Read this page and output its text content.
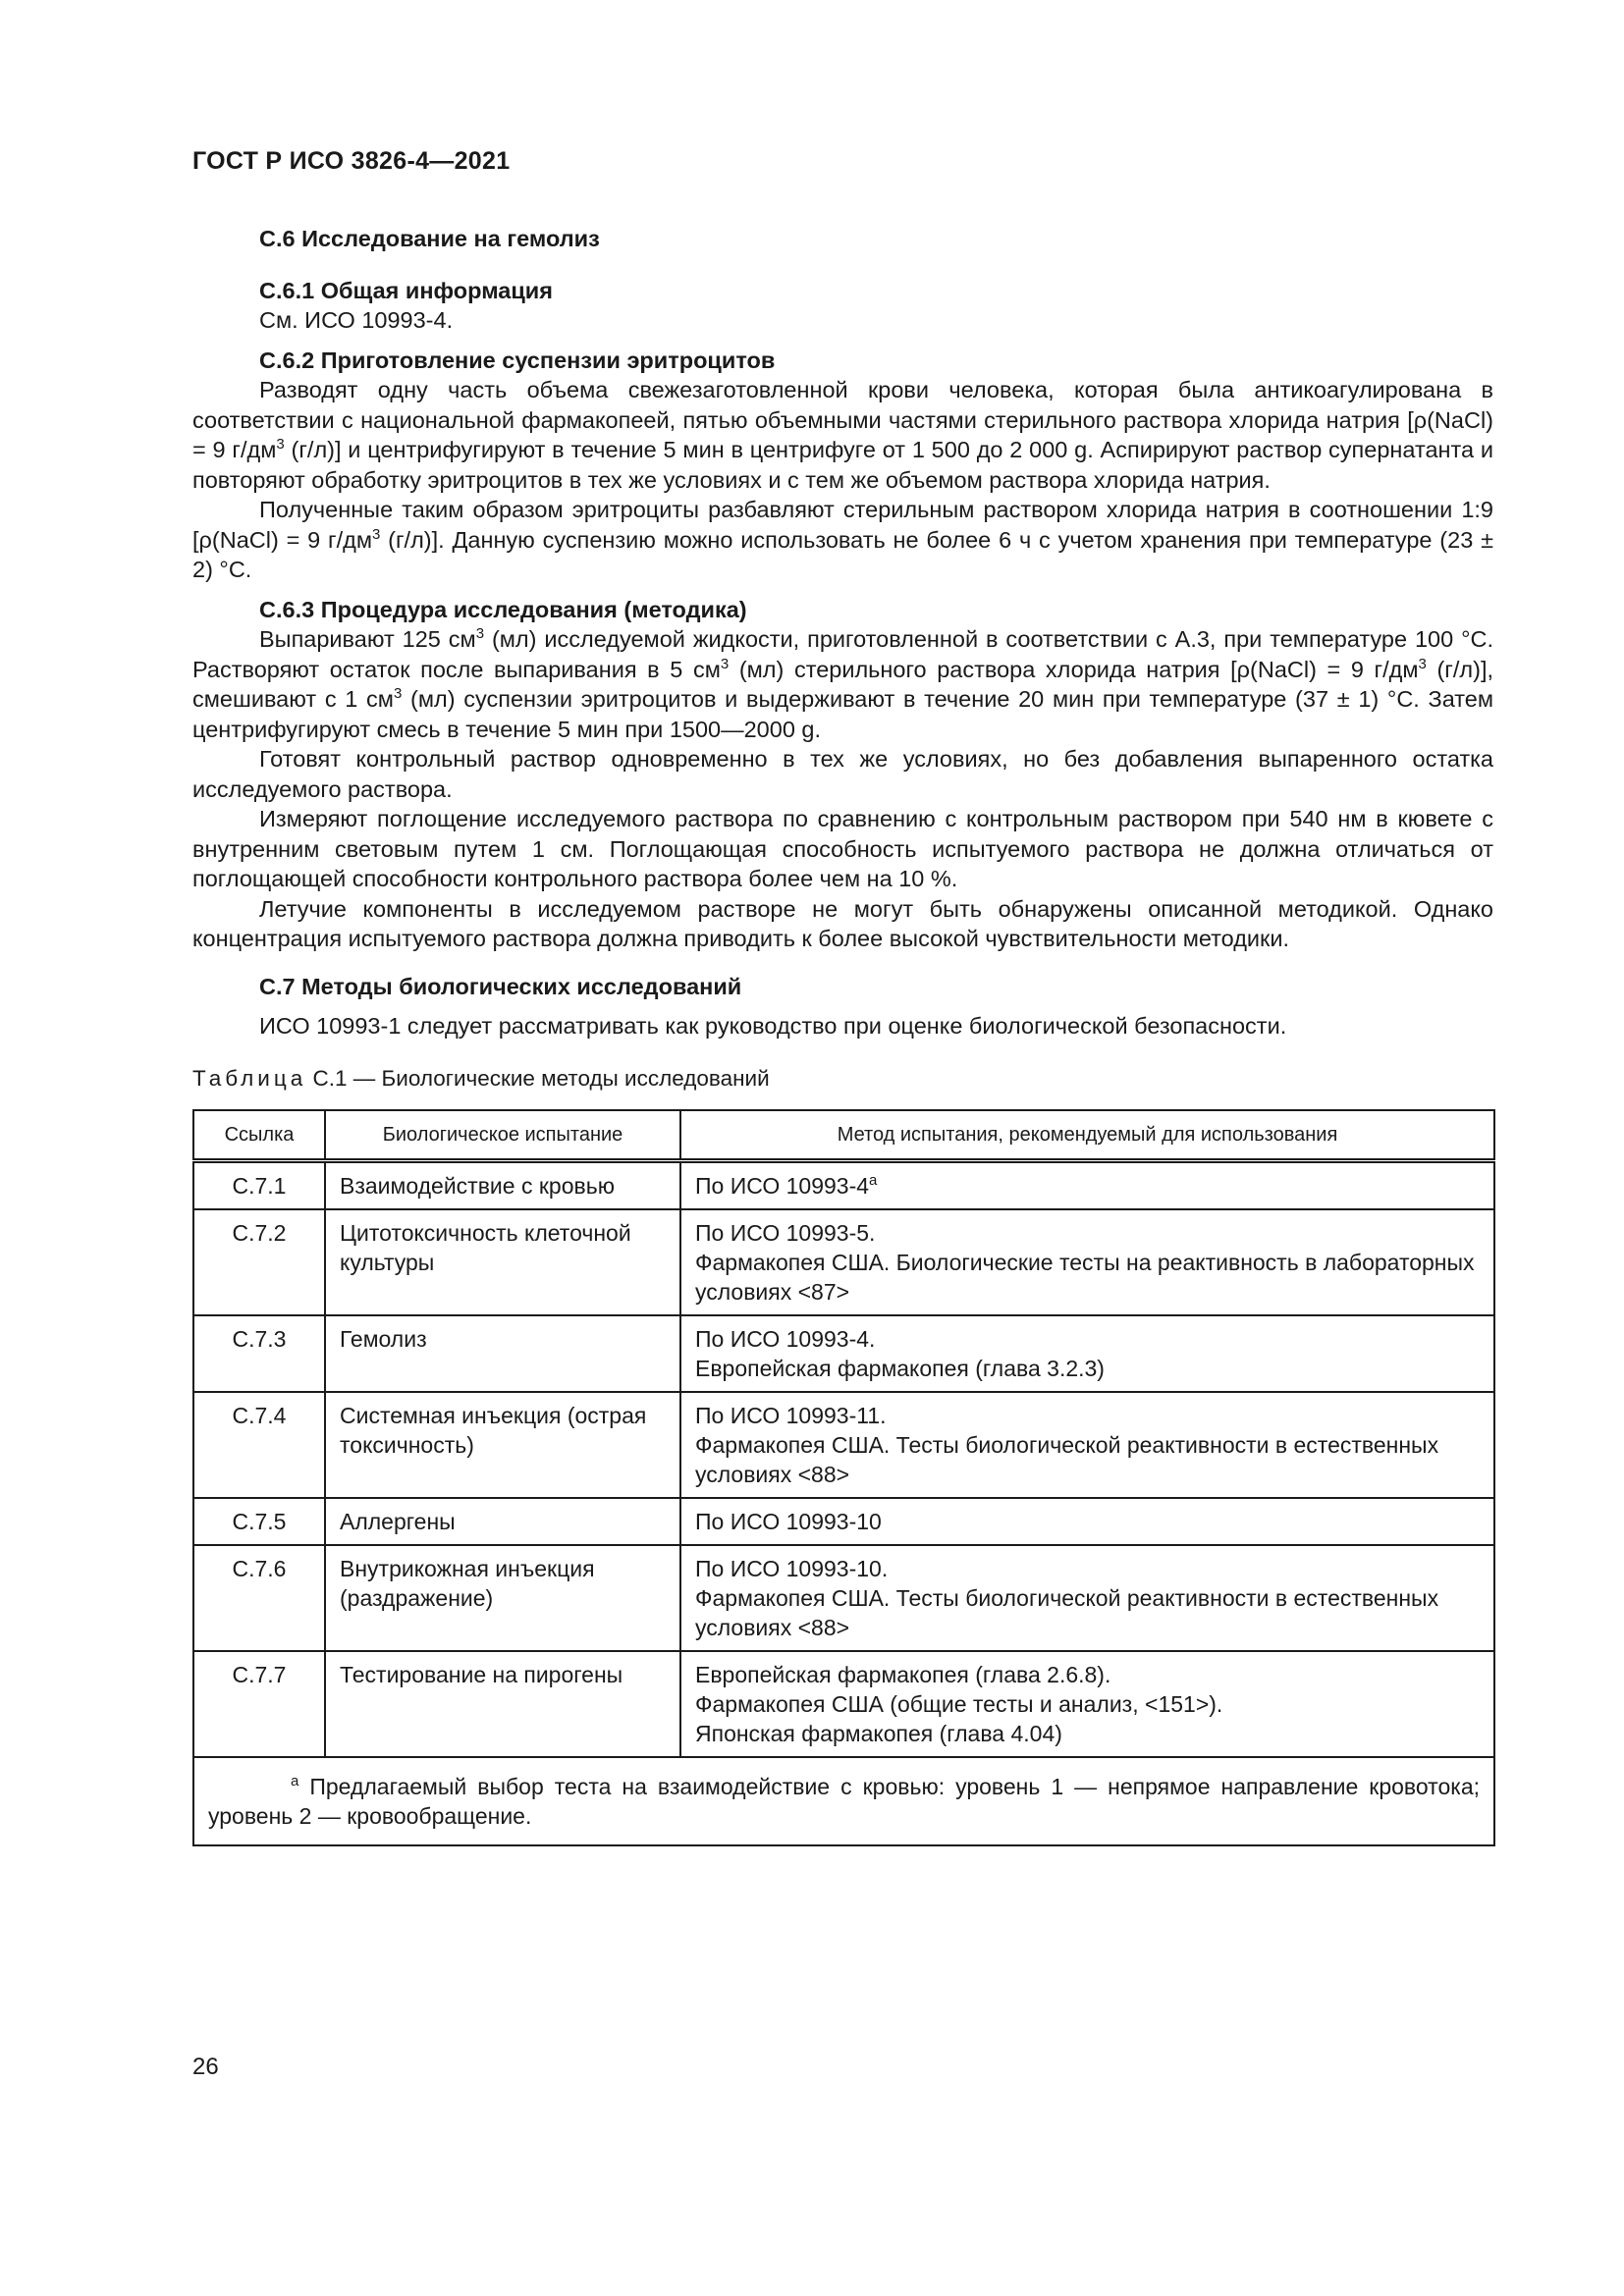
ГОСТ Р ИСО 3826-4—2021
С.6 Исследование на гемолиз
С.6.1 Общая информация
См. ИСО 10993-4.
С.6.2 Приготовление суспензии эритроцитов

Разводят одну часть объема свежезаготовленной крови человека, которая была антикоагулирована в соответствии с национальной фармакопеей, пятью объемными частями стерильного раствора хлорида натрия [ρ(NaCl) = 9 $г/дм^3$ (г/л)] и центрифугируют в течение 5 мин в центрифуге от 1 500 до 2 000 g. Аспирируют раствор супернатанта и повторяют обработку эритроцитов в тех же условиях и с тем же объемом раствора хлорида натрия.

Полученные таким образом эритроциты разбавляют стерильным раствором хлорида натрия в соотношении 1:9 [ρ(NaCl) = 9 $г/дм^3$ (г/л)]. Данную суспензию можно использовать не более 6 ч с учетом хранения при температуре (23 ± 2) °С.

С.6.3 Процедура исследования (методика)

Выпаривают 125 $см^3$ (мл) исследуемой жидкости, приготовленной в соответствии с А.3, при температуре 100 °С. Растворяют остаток после выпаривания в 5 $см^3$ (мл) стерильного раствора хлорида натрия [ρ(NaCl) = 9 $г/дм^3$ (г/л)], смешивают с 1 $см^3$ (мл) суспензии эритроцитов и выдерживают в течение 20 мин при температуре (37 ± 1) °С. Затем центрифугируют смесь в течение 5 мин при 1500—2000 g.

Готовят контрольный раствор одновременно в тех же условиях, но без добавления выпаренного остатка исследуемого раствора.

Измеряют поглощение исследуемого раствора по сравнению с контрольным раствором при 540 нм в кювете с внутренним световым путем 1 см. Поглощающая способность испытуемого раствора не должна отличаться от поглощающей способности контрольного раствора более чем на 10 %.

Летучие компоненты в исследуемом растворе не могут быть обнаружены описанной методикой. Однако концентрация испытуемого раствора должна приводить к более высокой чувствительности методики.

С.7 Методы биологических исследований

ИСО 10993-1 следует рассматривать как руководство при оценке биологической безопасности.

Таблица С.1 — Биологические методы исследований
Ссылка	Биологическое испытание	Метод испытания, рекомендуемый для использования
С.7.1	Взаимодействие с кровью	По ИСО 10993-4$^a$
С.7.2	Цитотоксичность клеточной культуры	По ИСО 10993-5.
Фармакопея США. Биологические тесты на реактивность в лабораторных условиях <87>
С.7.3	Гемолиз	По ИСО 10993-4.
Европейская фармакопея (глава 3.2.3)
С.7.4	Системная инъекция (острая токсичность)	По ИСО 10993-11.
Фармакопея США. Тесты биологической реактивности в естественных условиях <88>
С.7.5	Аллергены	По ИСО 10993-10
С.7.6	Внутрикожная инъекция (раздражение)	По ИСО 10993-10.
Фармакопея США. Тесты биологической реактивности в естественных условиях <88>
С.7.7	Тестирование на пирогены	Европейская фармакопея (глава 2.6.8).
Фармакопея США (общие тесты и анализ, <151>).
Японская фармакопея (глава 4.04)

$^a$ Предлагаемый выбор теста на взаимодействие с кровью: уровень 1 — непрямое направление кровотока; уровень 2 — кровообращение.		

26
